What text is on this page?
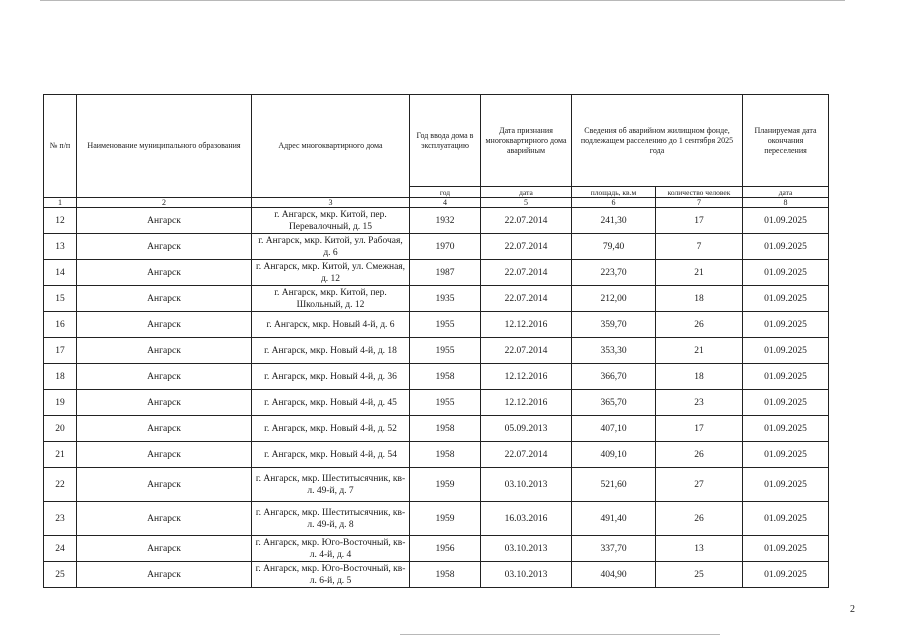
№ п/п	Наименование муниципального образования	Адрес многоквартирного дома	Год ввода дома в эксплуатацию	Дата признания многоквартирного дома аварийным	Сведения об аварийном жилищном фонде, подлежащем расселению до 1 сентября 2025 года		Планируемая дата окончания переселения
			год	дата	площадь, кв.м	количество человек	дата
1	2	3	4	5	6	7	8
12	Ангарск	г. Ангарск, мкр. Китой, пер. Перевалочный, д. 15	1932	22.07.2014	241,30	17	01.09.2025
13	Ангарск	г. Ангарск, мкр. Китой, ул. Рабочая, д. 6	1970	22.07.2014	79,40	7	01.09.2025
14	Ангарск	г. Ангарск, мкр. Китой, ул. Смежная, д. 12	1987	22.07.2014	223,70	21	01.09.2025
15	Ангарск	г. Ангарск, мкр. Китой, пер. Школьный, д. 12	1935	22.07.2014	212,00	18	01.09.2025
16	Ангарск	г. Ангарск, мкр. Новый 4-й, д. 6	1955	12.12.2016	359,70	26	01.09.2025
17	Ангарск	г. Ангарск, мкр. Новый 4-й, д. 18	1955	22.07.2014	353,30	21	01.09.2025
18	Ангарск	г. Ангарск, мкр. Новый 4-й, д. 36	1958	12.12.2016	366,70	18	01.09.2025
19	Ангарск	г. Ангарск, мкр. Новый 4-й, д. 45	1955	12.12.2016	365,70	23	01.09.2025
20	Ангарск	г. Ангарск, мкр. Новый 4-й, д. 52	1958	05.09.2013	407,10	17	01.09.2025
21	Ангарск	г. Ангарск, мкр. Новый 4-й, д. 54	1958	22.07.2014	409,10	26	01.09.2025
22	Ангарск	г. Ангарск, мкр. Шеститысячник, кв-л. 49-й, д. 7	1959	03.10.2013	521,60	27	01.09.2025
23	Ангарск	г. Ангарск, мкр. Шеститысячник, кв-л. 49-й, д. 8	1959	16.03.2016	491,40	26	01.09.2025
24	Ангарск	г. Ангарск, мкр. Юго-Восточный, кв-л. 4-й, д. 4	1956	03.10.2013	337,70	13	01.09.2025
25	Ангарск	г. Ангарск, мкр. Юго-Восточный, кв-л. 6-й, д. 5	1958	03.10.2013	404,90	25	01.09.2025
2
